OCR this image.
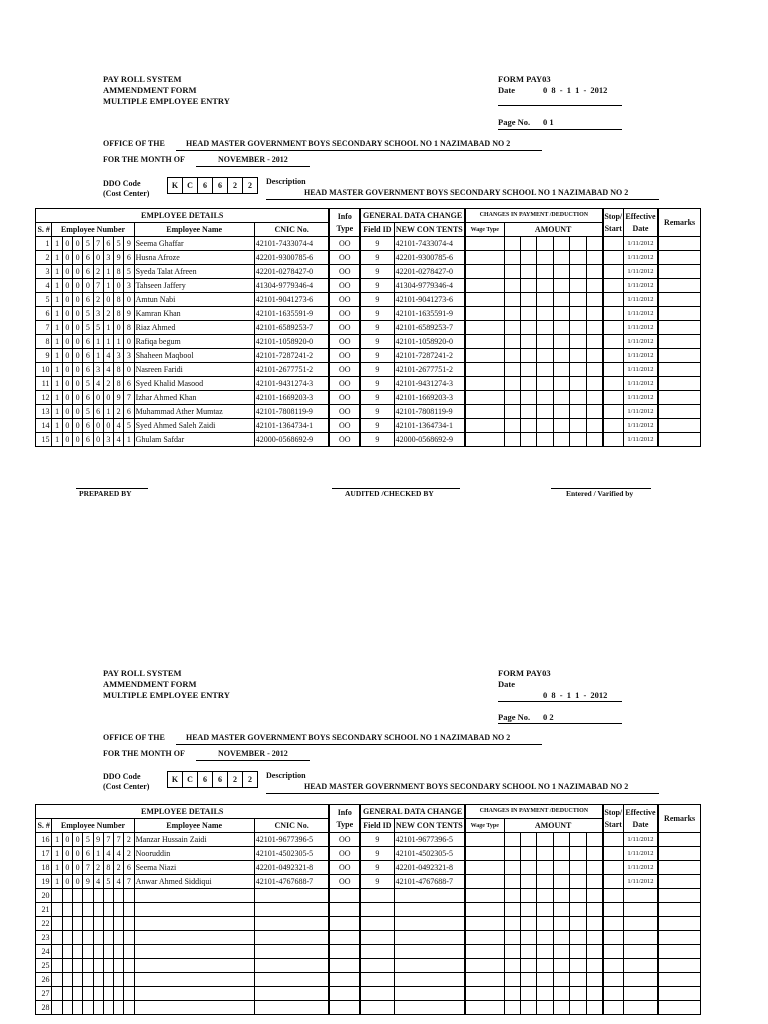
PAY ROLL SYSTEM
AMMENDMENT FORM
MULTIPLE EMPLOYEE ENTRY
FORM PAY03
Date	0 8 - 1 1 - 2012
Page No. 0 1
OFFICE OF THE	HEAD MASTER GOVERNMENT BOYS SECONDARY SCHOOL NO 1 NAZIMABAD NO 2
FOR THE MONTH OF	NOVEMBER - 2012
DDO Code
(Cost Center)
K	C	6	6	2	2	Description
HEAD MASTER GOVERNMENT BOYS SECONDARY SCHOOL NO 1 NAZIMABAD NO 2
EMPLOYEE DETAILS											Info
Type	GENERAL DATA CHANGE		CHANGES IN PAYMENT /DEDUCTION							Stop/
Start	Effective
Date	Remarks
S. #	Employee Number								Employee Name	CNIC No.		Field ID	NEW CON TENTS	Wage Type	AMOUNT								
1	1	0	0	5	7	6	5	9	Seema Ghaffar	42101-7433074-4	OO	9	42101-7433074-4									1/11/2012	
2	1	0	0	6	0	3	9	6	Husna Afroze	42201-9300785-6	OO	9	42201-9300785-6									1/11/2012	
3	1	0	0	6	2	1	8	5	Syeda Talat Afreen	42201-0278427-0	OO	9	42201-0278427-0									1/11/2012	
4	1	0	0	0	7	1	0	3	Tahseen Jaffery	41304-9779346-4	OO	9	41304-9779346-4									1/11/2012	
5	1	0	0	6	2	0	8	0	Amtun Nabi	42101-9041273-6	OO	9	42101-9041273-6									1/11/2012	
6	1	0	0	5	3	2	8	9	Kamran Khan	42101-1635591-9	OO	9	42101-1635591-9									1/11/2012	
7	1	0	0	5	5	1	0	8	Riaz Ahmed	42101-6589253-7	OO	9	42101-6589253-7									1/11/2012	
8	1	0	0	6	1	1	1	0	Rafiqa begum	42101-1058920-0	OO	9	42101-1058920-0									1/11/2012	
9	1	0	0	6	1	4	3	3	Shaheen Maqbool	42101-7287241-2	OO	9	42101-7287241-2									1/11/2012	
10	1	0	0	6	3	4	8	0	Nasreen Faridi	42101-2677751-2	OO	9	42101-2677751-2									1/11/2012	
11	1	0	0	5	4	2	8	6	Syed Khalid Masood	42101-9431274-3	OO	9	42101-9431274-3									1/11/2012	
12	1	0	0	6	0	0	9	7	Izhar Ahmed Khan	42101-1669203-3	OO	9	42101-1669203-3									1/11/2012	
13	1	0	0	5	6	1	2	6	Muhammad Ather Mumtaz	42101-7808119-9	OO	9	42101-7808119-9									1/11/2012	
14	1	0	0	6	0	0	4	5	Syed Ahmed Saleh Zaidi	42101-1364734-1	OO	9	42101-1364734-1									1/11/2012	
15	1	0	0	6	0	3	4	1	Ghulam Safdar	42000-0568692-9	OO	9	42000-0568692-9									1/11/2012	
PREPARED BY	AUDITED /CHECKED BY	Entered / Varified by
PAY ROLL SYSTEM
AMMENDMENT FORM
MULTIPLE EMPLOYEE ENTRY
FORM PAY03
Date
0 8 - 1 1 - 2012
Page No. 0 2
OFFICE OF THE	HEAD MASTER GOVERNMENT BOYS SECONDARY SCHOOL NO 1 NAZIMABAD NO 2
FOR THE MONTH OF	NOVEMBER - 2012
DDO Code
(Cost Center)
K	C	6	6	2	2	Description
HEAD MASTER GOVERNMENT BOYS SECONDARY SCHOOL NO 1 NAZIMABAD NO 2
EMPLOYEE DETAILS											Info
Type	GENERAL DATA CHANGE		CHANGES IN PAYMENT /DEDUCTION							Stop/
Start	Effective
Date	Remarks
S. #	Employee Number								Employee Name	CNIC No.		Field ID	NEW CON TENTS	Wage Type	AMOUNT								
16	1	0	0	5	9	7	7	2	Manzar Hussain Zaidi	42101-9677396-5	OO	9	42101-9677396-5									1/11/2012	
17	1	0	0	6	1	4	4	2	Nooruddin	42101-4502305-5	OO	9	42101-4502305-5									1/11/2012	
18	1	0	0	7	2	8	2	6	Seema Niazi	42201-0492321-8	OO	9	42201-0492321-8									1/11/2012	
19	1	0	0	9	4	5	4	7	Anwar Ahmed Siddiqui	42101-4767688-7	OO	9	42101-4767688-7									1/11/2012	
20																							
21																							
22																							
23																							
24																							
25																							
26																							
27																							
28																							
